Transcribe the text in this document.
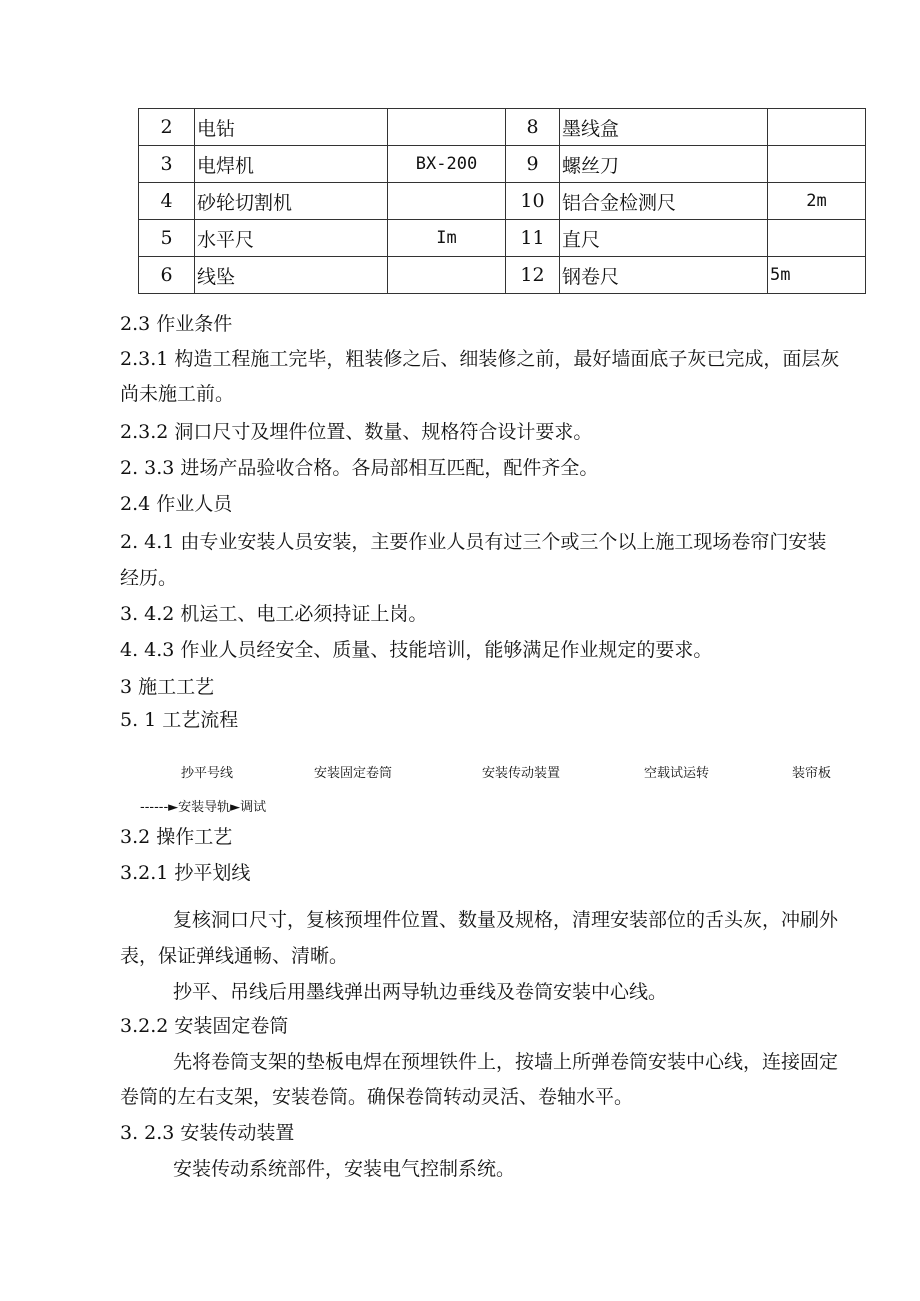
2	电钻		8	墨线盒	
3	电焊机	BX-200	9	螺丝刀	
4	砂轮切割机		10	铝合金检测尺	2m
5	水平尺	Im	11	直尺	
6	线坠		12	钢卷尺	5m
2.3 作业条件
2.3.1 构造工程施工完毕，粗装修之后、细装修之前，最好墙面底子灰已完成，面层灰
尚未施工前。
2.3.2 洞口尺寸及埋件位置、数量、规格符合设计要求。
2. 3.3 进场产品验收合格。各局部相互匹配，配件齐全。
2.4 作业人员
2. 4.1 由专业安装人员安装，主要作业人员有过三个或三个以上施工现场卷帘门安装
经历。
3. 4.2 机运工、电工必须持证上岗。
4. 4.3 作业人员经安全、质量、技能培训，能够满足作业规定的要求。
3 施工工艺
5. 1 工艺流程
抄平号线	安装固定卷筒	安装传动装置	空载试运转	装帘板
------►安装导轨►调试
3.2 操作工艺
3.2.1 抄平划线
复核洞口尺寸，复核预埋件位置、数量及规格，清理安装部位的舌头灰，冲刷外
表，保证弹线通畅、清晰。
抄平、吊线后用墨线弹出两导轨边垂线及卷筒安装中心线。
3.2.2 安装固定卷筒
先将卷筒支架的垫板电焊在预埋铁件上，按墙上所弹卷筒安装中心线，连接固定
卷筒的左右支架，安装卷筒。确保卷筒转动灵活、卷轴水平。
3. 2.3 安装传动装置
安装传动系统部件，安装电气控制系统。
